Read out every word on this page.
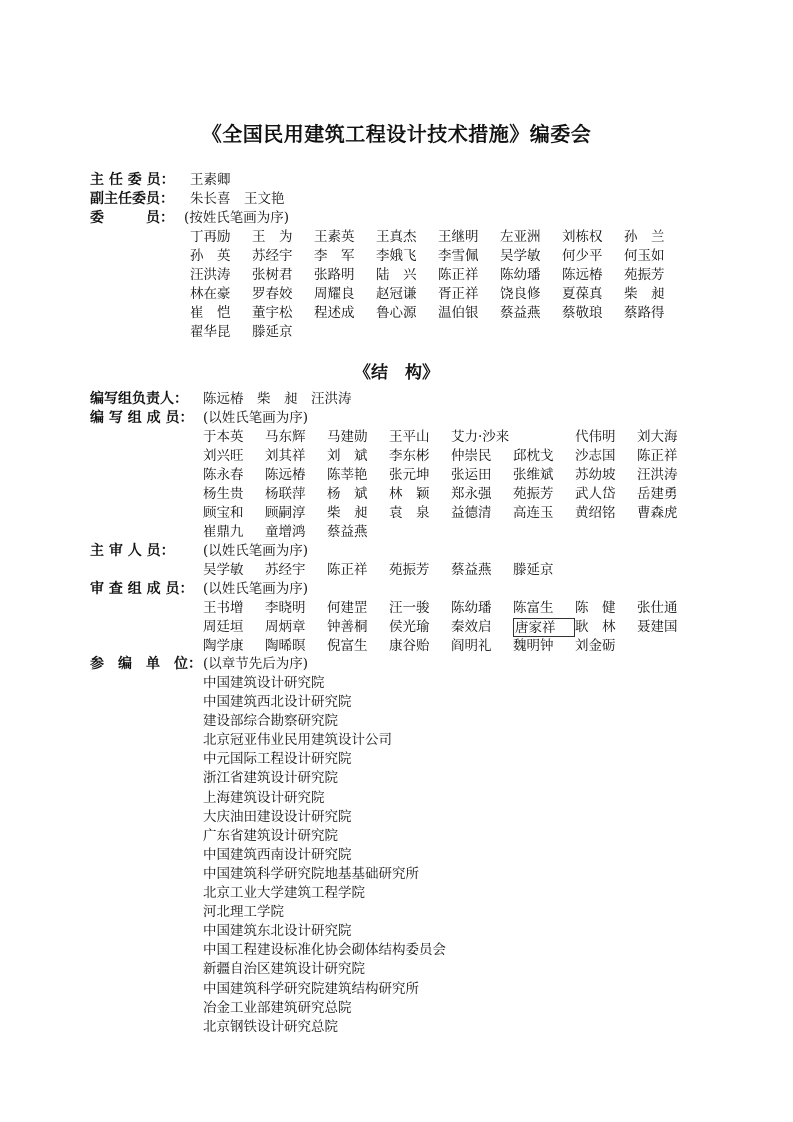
《全国民用建筑工程设计技术措施》编委会
主 任 委 员： 王素卿
副主任委员： 朱长喜　王文艳
委　　　员： (按姓氏笔画为序)
丁再励	王　为	王素英	王真杰	王继明	左亚洲	刘栋权	孙　兰
孙　英	苏经宇	李　军	李娥飞	李雪佩	吴学敏	何少平	何玉如
汪洪涛	张树君	张路明	陆　兴	陈正祥	陈幼璠	陈远椿	苑振芳
林在豪	罗春姣	周耀良	赵冠谦	胥正祥	饶良修	夏葆真	柴　昶
崔　恺	董宇松	程述成	鲁心源	温伯银	蔡益燕	蔡敬琅	蔡路得
翟华昆	滕延京
《结　构》
编写组负责人： 陈远椿　柴　昶　汪洪涛
编 写 组 成 员： (以姓氏笔画为序)
于本英	马东辉	马建勋	王平山	艾力·沙来	代伟明	刘大海
刘兴旺	刘其祥	刘　斌	李东彬	仲崇民	邱枕戈	沙志国	陈正祥
陈永春	陈远椿	陈莘艳	张元坤	张运田	张维斌	苏幼坡	汪洪涛
杨生贵	杨联萍	杨　斌	林　颖	郑永强	苑振芳	武人岱	岳建勇
顾宝和	顾嗣淳	柴　昶	袁　泉	益德清	高连玉	黄绍铭	曹森虎
崔鼎九	童增鸿	蔡益燕
主 审 人 员： (以姓氏笔画为序)
吴学敏	苏经宇	陈正祥	苑振芳	蔡益燕	滕延京
审 查 组 成 员： (以姓氏笔画为序)
王书增	李晓明	何建罡	汪一骏	陈幼璠	陈富生	陈　健	张仕通
周廷垣	周炳章	钟善桐	侯光瑜	秦效启	唐家祥	耿　林	聂建国
陶学康	陶晞暝	倪富生	康谷贻	阎明礼	魏明钟	刘金砺
参　编　单　位： (以章节先后为序)
中国建筑设计研究院
中国建筑西北设计研究院
建设部综合勘察研究院
北京冠亚伟业民用建筑设计公司
中元国际工程设计研究院
浙江省建筑设计研究院
上海建筑设计研究院
大庆油田建设设计研究院
广东省建筑设计研究院
中国建筑西南设计研究院
中国建筑科学研究院地基基础研究所
北京工业大学建筑工程学院
河北理工学院
中国建筑东北设计研究院
中国工程建设标准化协会砌体结构委员会
新疆自治区建筑设计研究院
中国建筑科学研究院建筑结构研究所
冶金工业部建筑研究总院
北京钢铁设计研究总院
